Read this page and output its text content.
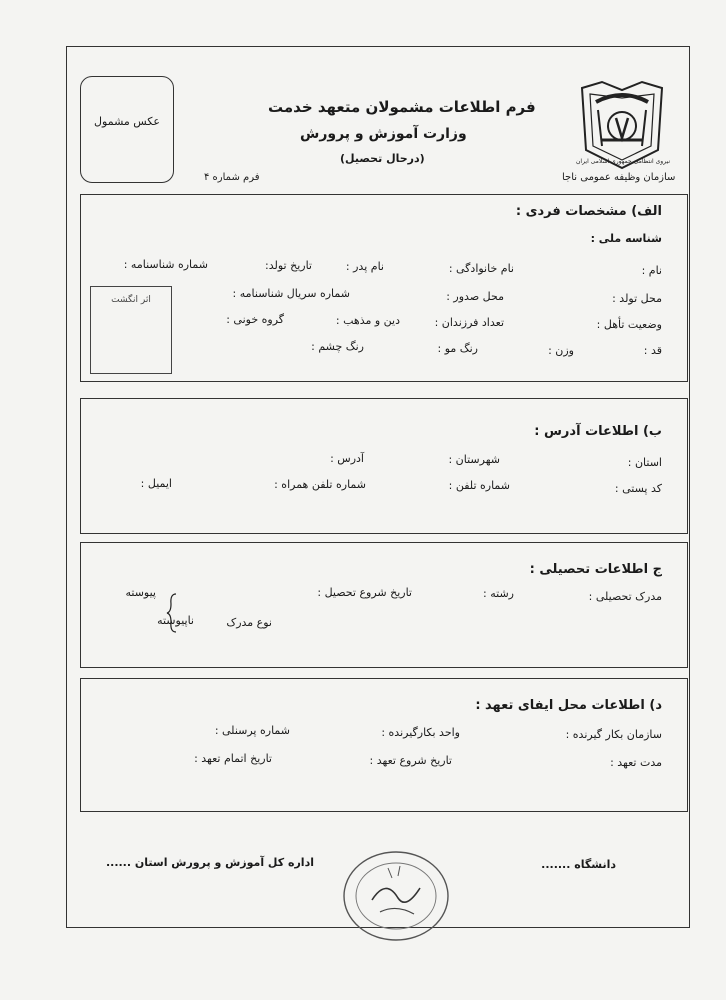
نیروی انتظامی جمهوری اسلامی ایران
سازمان وظیفه عمومی ناجا
فرم اطلاعات مشمولان متعهد خدمت
وزارت آموزش و پرورش
(درحال تحصیل)
فرم شماره ۴
عکس مشمول
الف) مشخصات فردی :
شناسه ملی :
نام :
نام خانوادگی :
نام پدر :
تاریخ تولد:
شماره شناسنامه :
محل تولد :
محل صدور :
شماره سریال شناسنامه :
وضعیت تأهل :
تعداد فرزندان :
دین و مذهب :
گروه خونی :
قد :
وزن :
رنگ مو :
رنگ چشم :
اثر انگشت
ب) اطلاعات آدرس :
استان :
شهرستان :
آدرس :
کد پستی :
شماره تلفن :
شماره تلفن همراه :
ایمیل :
ج اطلاعات تحصیلی :
مدرک تحصیلی :
رشته :
تاریخ شروع تحصیل :
نوع مدرک
پیوسته
ناپیوسته
د) اطلاعات محل ایفای تعهد :
سازمان بکار گیرنده :
واحد بکارگیرنده :
شماره پرسنلی :
مدت تعهد :
تاریخ شروع تعهد :
تاریخ اتمام تعهد :
دانشگاه .......
اداره کل آموزش و پرورش استان ......
